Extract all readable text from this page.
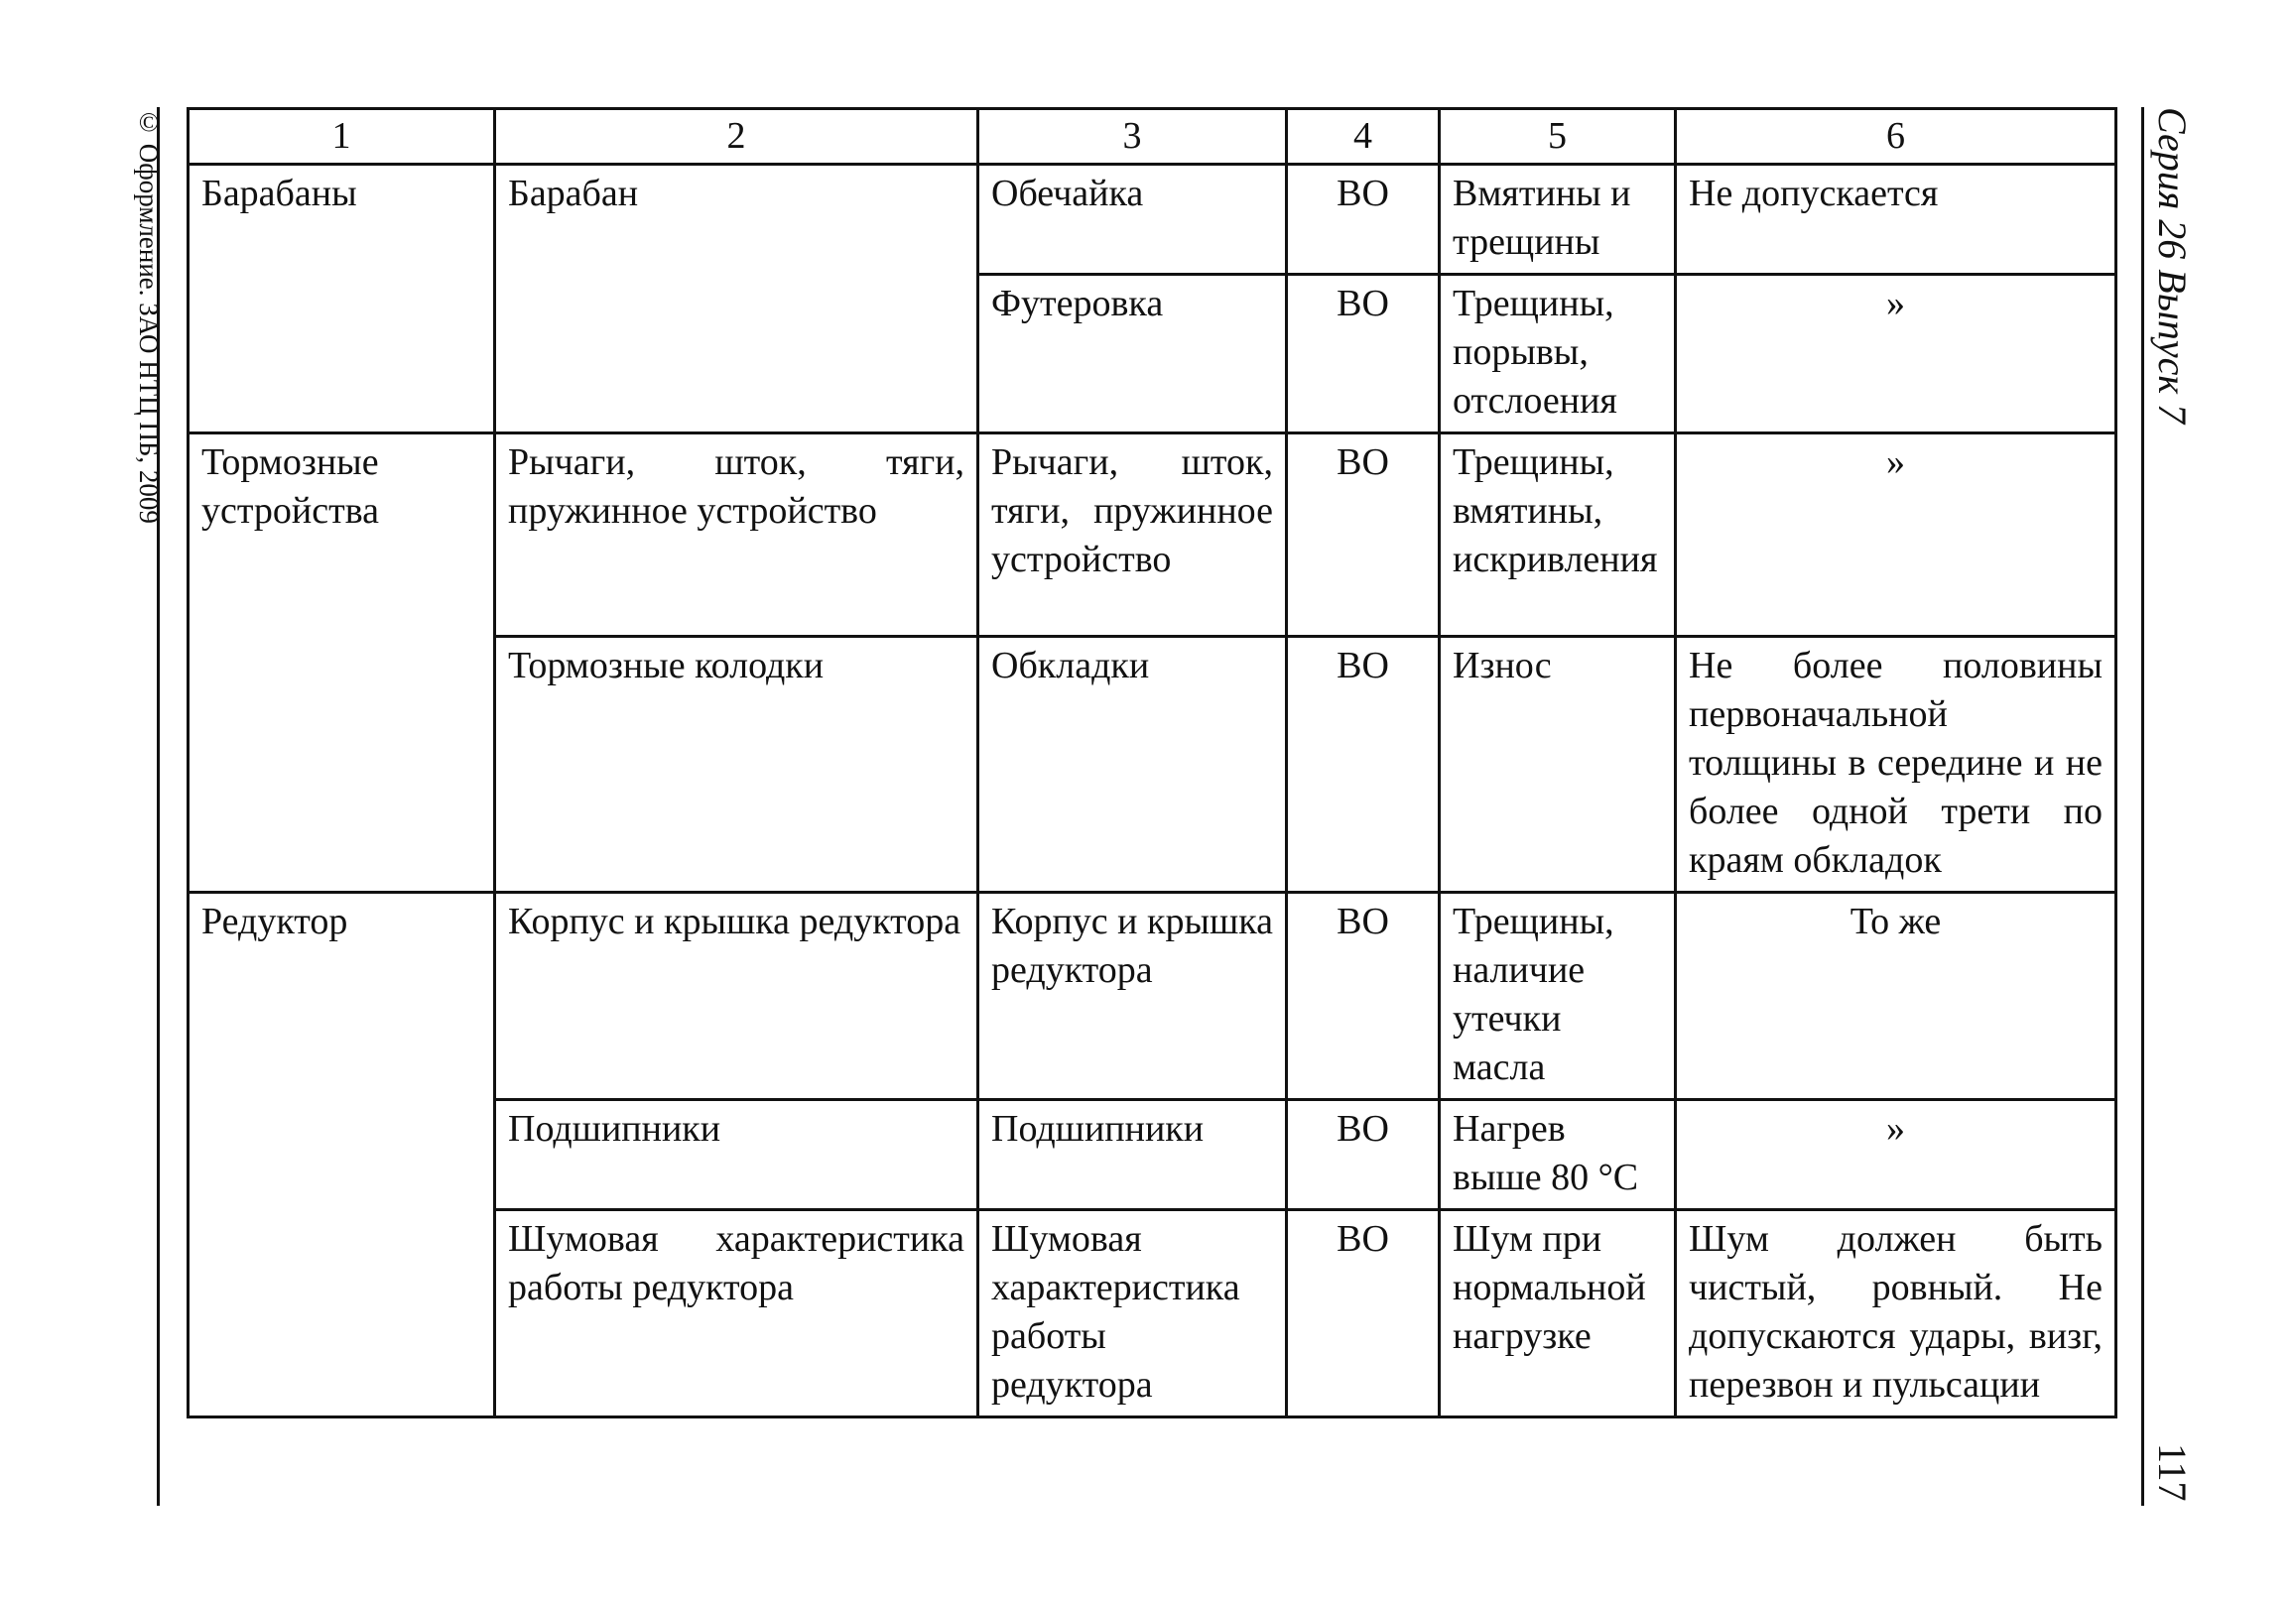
© Оформление. ЗАО НТЦ ПБ, 2009	Серия 26 Выпуск 7
117
1	2	3	4	5	6
Барабаны	Барабан	Обечайка	ВО	Вмятины и трещины	Не допускается
		Футеровка	ВО	Трещины, порывы, отслоения	»
Тормозные устройства	Рычаги, шток, тяги, пружинное устройство	Рычаги, шток, тяги, пружинное устройство	ВО	Трещины, вмятины, искривления	»
	Тормозные колодки	Обкладки	ВО	Износ	Не более половины первоначальной толщины в середине и не более одной трети по краям обкладок
Редуктор	Корпус и крышка редуктора	Корпус и крышка редуктора	ВО	Трещины, наличие утечки масла	То же
	Подшипники	Подшипники	ВО	Нагрев выше 80 °С	»
	Шумовая характеристика работы редуктора	Шумовая характеристика работы редуктора	ВО	Шум при нормальной нагрузке	Шум должен быть чистый, ровный. Не допускаются удары, визг, перезвон и пульсации
